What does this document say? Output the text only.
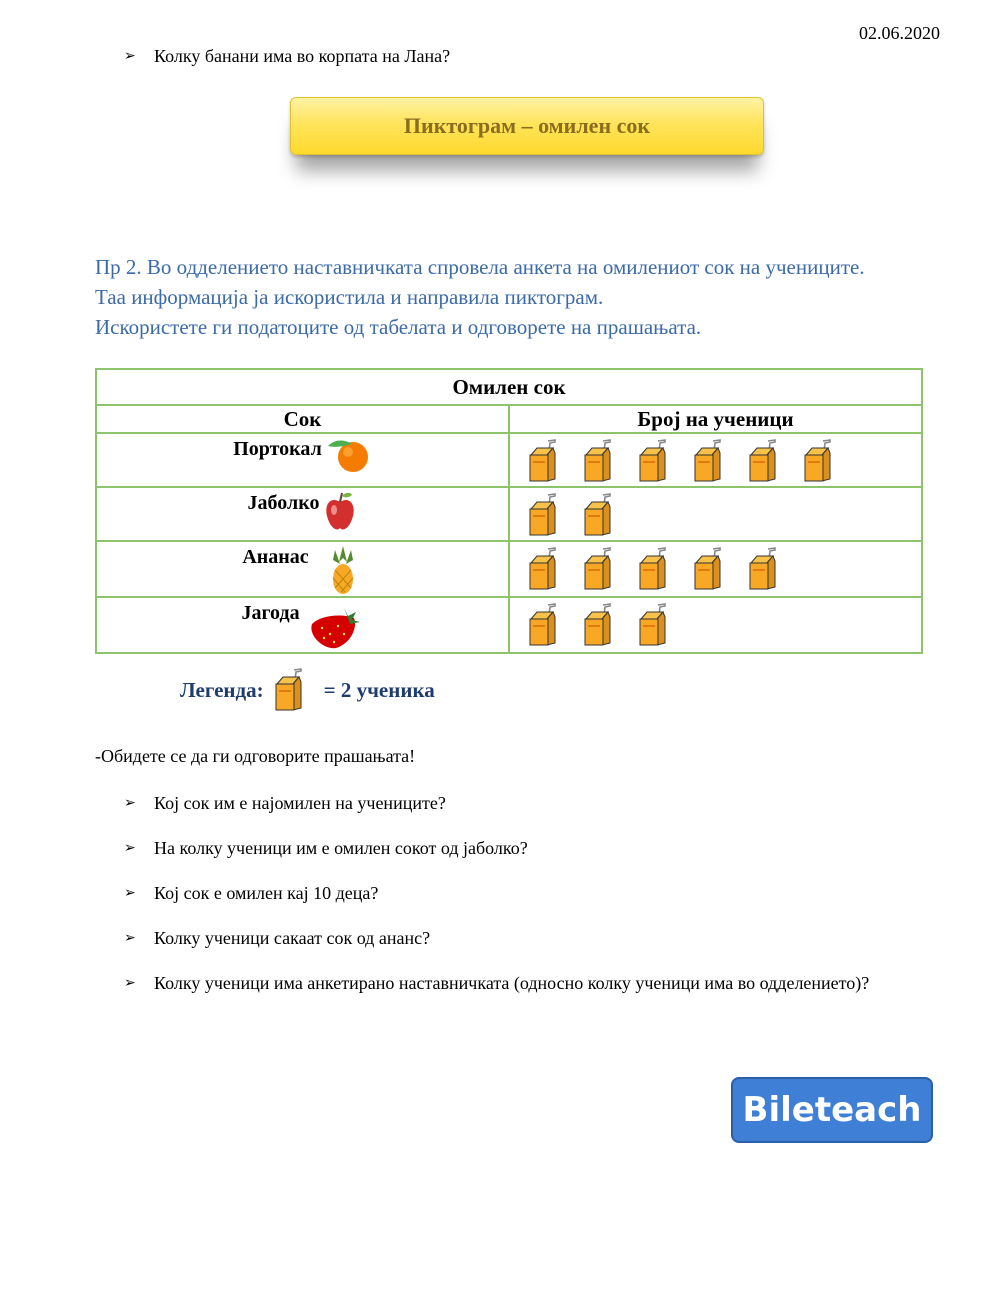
02.06.2020
➢	Колку банани има во корпата на Лана?
Пиктограм – омилен сок
Пр 2. Во одделението наставничката спровела анкета на омилениот сок на учениците.
Таа информација ја искористила и направила пиктограм.
Искористете ги податоците од табелата и одговорете на прашањата.
Омилен сок	
Сок	Број на ученици

Портокал

Јаболко

Ананас

Јагода

Легенда:	= 2 ученика
-Обидете се да ги одговорите прашањата!
➢	Кој сок им е најомилен на учениците?
➢	На колку ученици им е омилен сокот од јаболко?
➢	Кој сок е омилен кај 10 деца?
➢	Колку ученици сакаат сок од ананс?
➢	Колку ученици има анкетирано наставничката (односно колку ученици има во одделението)?
Bileteach
